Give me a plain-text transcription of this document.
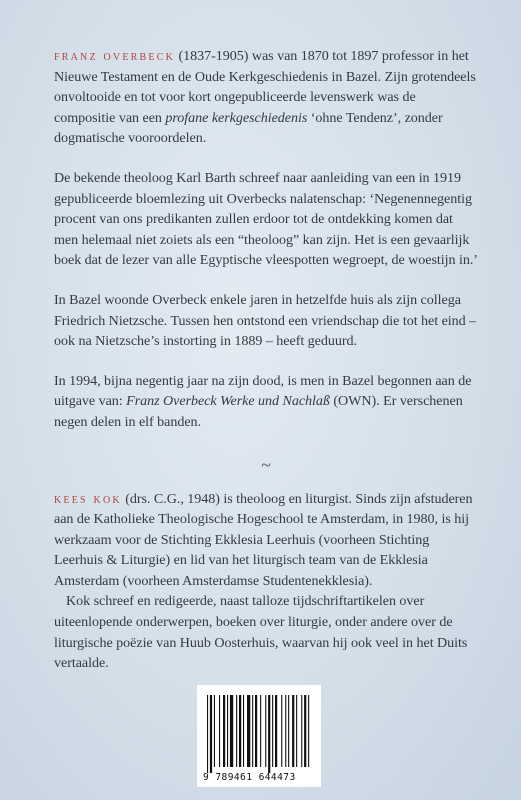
franz overbeck (1837-1905) was van 1870 tot 1897 professor in het Nieuwe Testament en de Oude Kerkgeschiedenis in Bazel. Zijn grotendeels onvoltooide en tot voor kort ongepubliceerde levenswerk was de compositie van een profane kerkgeschiedenis ‘ohne Tendenz’, zonder dogmatische vooroordelen.

De bekende theoloog Karl Barth schreef naar aanleiding van een in 1919 gepubliceerde bloemlezing uit Overbecks nalatenschap: ‘Negenennegentig procent van ons predikanten zullen erdoor tot de ontdekking komen dat men helemaal niet zoiets als een “theoloog” kan zijn. Het is een gevaarlijk boek dat de lezer van alle Egyptische vleespotten wegroept, de woestijn in.’

In Bazel woonde Overbeck enkele jaren in hetzelfde huis als zijn collega Friedrich Nietzsche. Tussen hen ontstond een vriendschap die tot het eind – ook na Nietzsche’s instorting in 1889 – heeft geduurd.

In 1994, bijna negentig jaar na zijn dood, is men in Bazel begonnen aan de uitgave van: Franz Overbeck Werke und Nachlaß (OWN). Er verschenen negen delen in elf banden.

~

kees kok (drs. C.G., 1948) is theoloog en liturgist. Sinds zijn afstuderen aan de Katholieke Theologische Hogeschool te Amsterdam, in 1980, is hij werkzaam voor de Stichting Ekklesia Leerhuis (voorheen Stichting Leerhuis & Liturgie) en lid van het liturgisch team van de Ekklesia Amsterdam (voorheen Amsterdamse Studentenekklesia).

Kok schreef en redigeerde, naast talloze tijdschriftartikelen over uiteenlopende onderwerpen, boeken over liturgie, onder andere over de liturgische poëzie van Huub Oosterhuis, waarvan hij ook veel in het Duits vertaalde.

9 789461 644473
